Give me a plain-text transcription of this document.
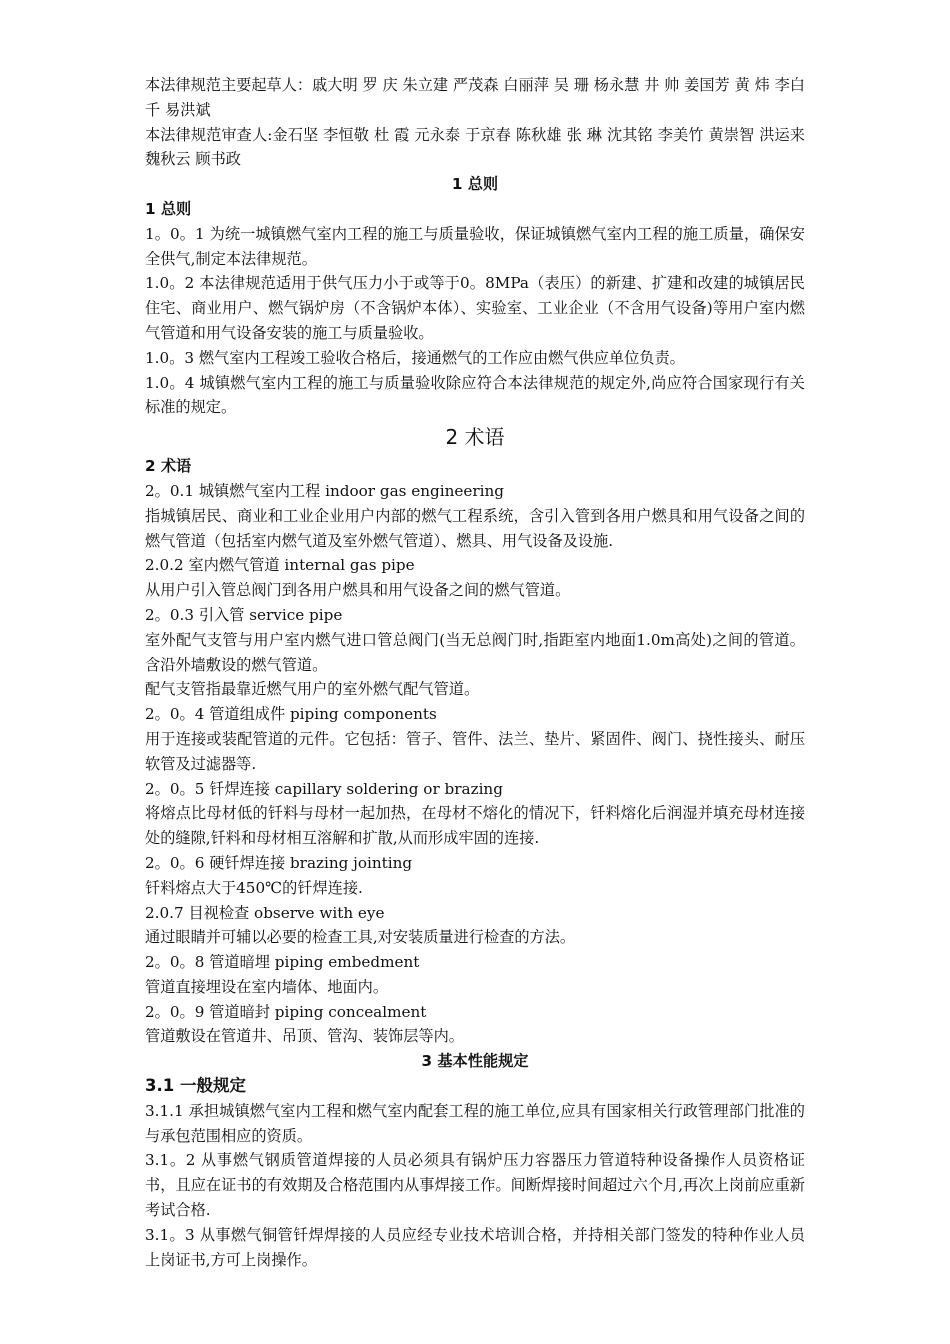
本法律规范主要起草人：戚大明 罗 庆 朱立建 严茂森 白丽萍 吴 珊 杨永慧 井 帅 姜国芳 黄 炜 李白千 易洪斌

本法律规范审查人:金石坚 李恒敬 杜 霞 元永泰 于京春 陈秋雄 张 琳 沈其铭 李美竹 黄崇智 洪运来 魏秋云 顾书政

1 总则

1 总则

1。0。1 为统一城镇燃气室内工程的施工与质量验收，保证城镇燃气室内工程的施工质量，确保安全供气,制定本法律规范。

1.0。2 本法律规范适用于供气压力小于或等于0。8MPa（表压）的新建、扩建和改建的城镇居民住宅、商业用户、燃气锅炉房（不含锅炉本体）、实验室、工业企业（不含用气设备)等用户室内燃气管道和用气设备安装的施工与质量验收。

1.0。3 燃气室内工程竣工验收合格后，接通燃气的工作应由燃气供应单位负责。

1.0。4 城镇燃气室内工程的施工与质量验收除应符合本法律规范的规定外,尚应符合国家现行有关标准的规定。

2 术语

2 术语

2。0.1 城镇燃气室内工程 indoor gas engineering

指城镇居民、商业和工业企业用户内部的燃气工程系统，含引入管到各用户燃具和用气设备之间的燃气管道（包括室内燃气道及室外燃气管道）、燃具、用气设备及设施.

2.0.2 室内燃气管道 internal gas pipe

从用户引入管总阀门到各用户燃具和用气设备之间的燃气管道。

2。0.3 引入管 service pipe

室外配气支管与用户室内燃气进口管总阀门(当无总阀门时,指距室内地面1.0m高处)之间的管道。含沿外墙敷设的燃气管道。

配气支管指最靠近燃气用户的室外燃气配气管道。

2。0。4 管道组成件 piping components

用于连接或装配管道的元件。它包括：管子、管件、法兰、垫片、紧固件、阀门、挠性接头、耐压软管及过滤器等.

2。0。5 钎焊连接 capillary soldering or brazing

将熔点比母材低的钎料与母材一起加热，在母材不熔化的情况下，钎料熔化后润湿并填充母材连接处的缝隙,钎料和母材相互溶解和扩散,从而形成牢固的连接.

2。0。6 硬钎焊连接 brazing jointing

钎料熔点大于450℃的钎焊连接.

2.0.7 目视检查 observe with eye

通过眼睛并可辅以必要的检查工具,对安装质量进行检查的方法。

2。0。8 管道暗埋 piping embedment

管道直接埋设在室内墙体、地面内。

2。0。9 管道暗封 piping concealment

管道敷设在管道井、吊顶、管沟、装饰层等内。

3 基本性能规定

3.1 一般规定

3.1.1 承担城镇燃气室内工程和燃气室内配套工程的施工单位,应具有国家相关行政管理部门批准的与承包范围相应的资质。

3.1。2 从事燃气钢质管道焊接的人员必须具有锅炉压力容器压力管道特种设备操作人员资格证书，且应在证书的有效期及合格范围内从事焊接工作。间断焊接时间超过六个月,再次上岗前应重新考试合格.

3.1。3 从事燃气铜管钎焊焊接的人员应经专业技术培训合格，并持相关部门签发的特种作业人员上岗证书,方可上岗操作。
